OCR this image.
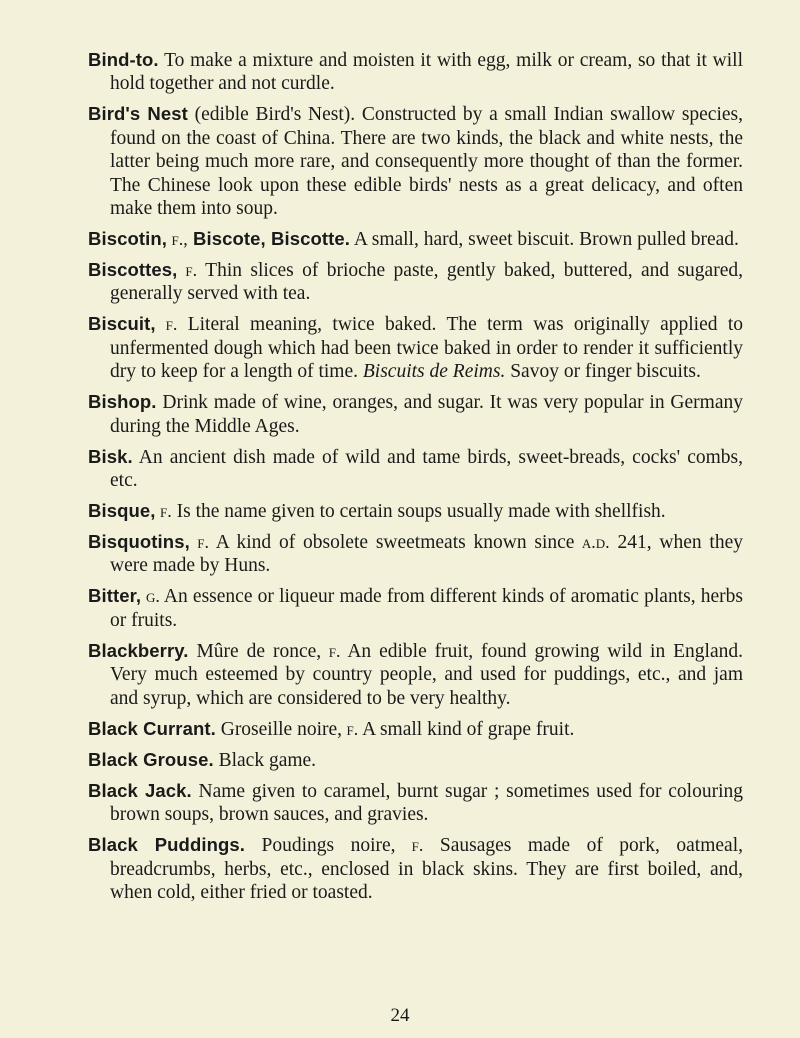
Bind-to. To make a mixture and moisten it with egg, milk or cream, so that it will hold together and not curdle.

Bird's Nest (edible Bird's Nest). Constructed by a small Indian swallow species, found on the coast of China. There are two kinds, the black and white nests, the latter being much more rare, and consequently more thought of than the former. The Chinese look upon these edible birds' nests as a great delicacy, and often make them into soup.

Biscotin, f., Biscote, Biscotte. A small, hard, sweet biscuit. Brown pulled bread.

Biscottes, f. Thin slices of brioche paste, gently baked, buttered, and sugared, generally served with tea.

Biscuit, f. Literal meaning, twice baked. The term was originally applied to unfermented dough which had been twice baked in order to render it sufficiently dry to keep for a length of time. Biscuits de Reims. Savoy or finger biscuits.

Bishop. Drink made of wine, oranges, and sugar. It was very popular in Germany during the Middle Ages.

Bisk. An ancient dish made of wild and tame birds, sweet-breads, cocks' combs, etc.

Bisque, f. Is the name given to certain soups usually made with shellfish.

Bisquotins, f. A kind of obsolete sweetmeats known since a.d. 241, when they were made by Huns.

Bitter, g. An essence or liqueur made from different kinds of aromatic plants, herbs or fruits.

Blackberry. Mûre de ronce, f. An edible fruit, found growing wild in England. Very much esteemed by country people, and used for puddings, etc., and jam and syrup, which are considered to be very healthy.

Black Currant. Groseille noire, f. A small kind of grape fruit.

Black Grouse. Black game.

Black Jack. Name given to caramel, burnt sugar ; sometimes used for colouring brown soups, brown sauces, and gravies.

Black Puddings. Poudings noire, f. Sausages made of pork, oatmeal, breadcrumbs, herbs, etc., enclosed in black skins. They are first boiled, and, when cold, either fried or toasted.

24
